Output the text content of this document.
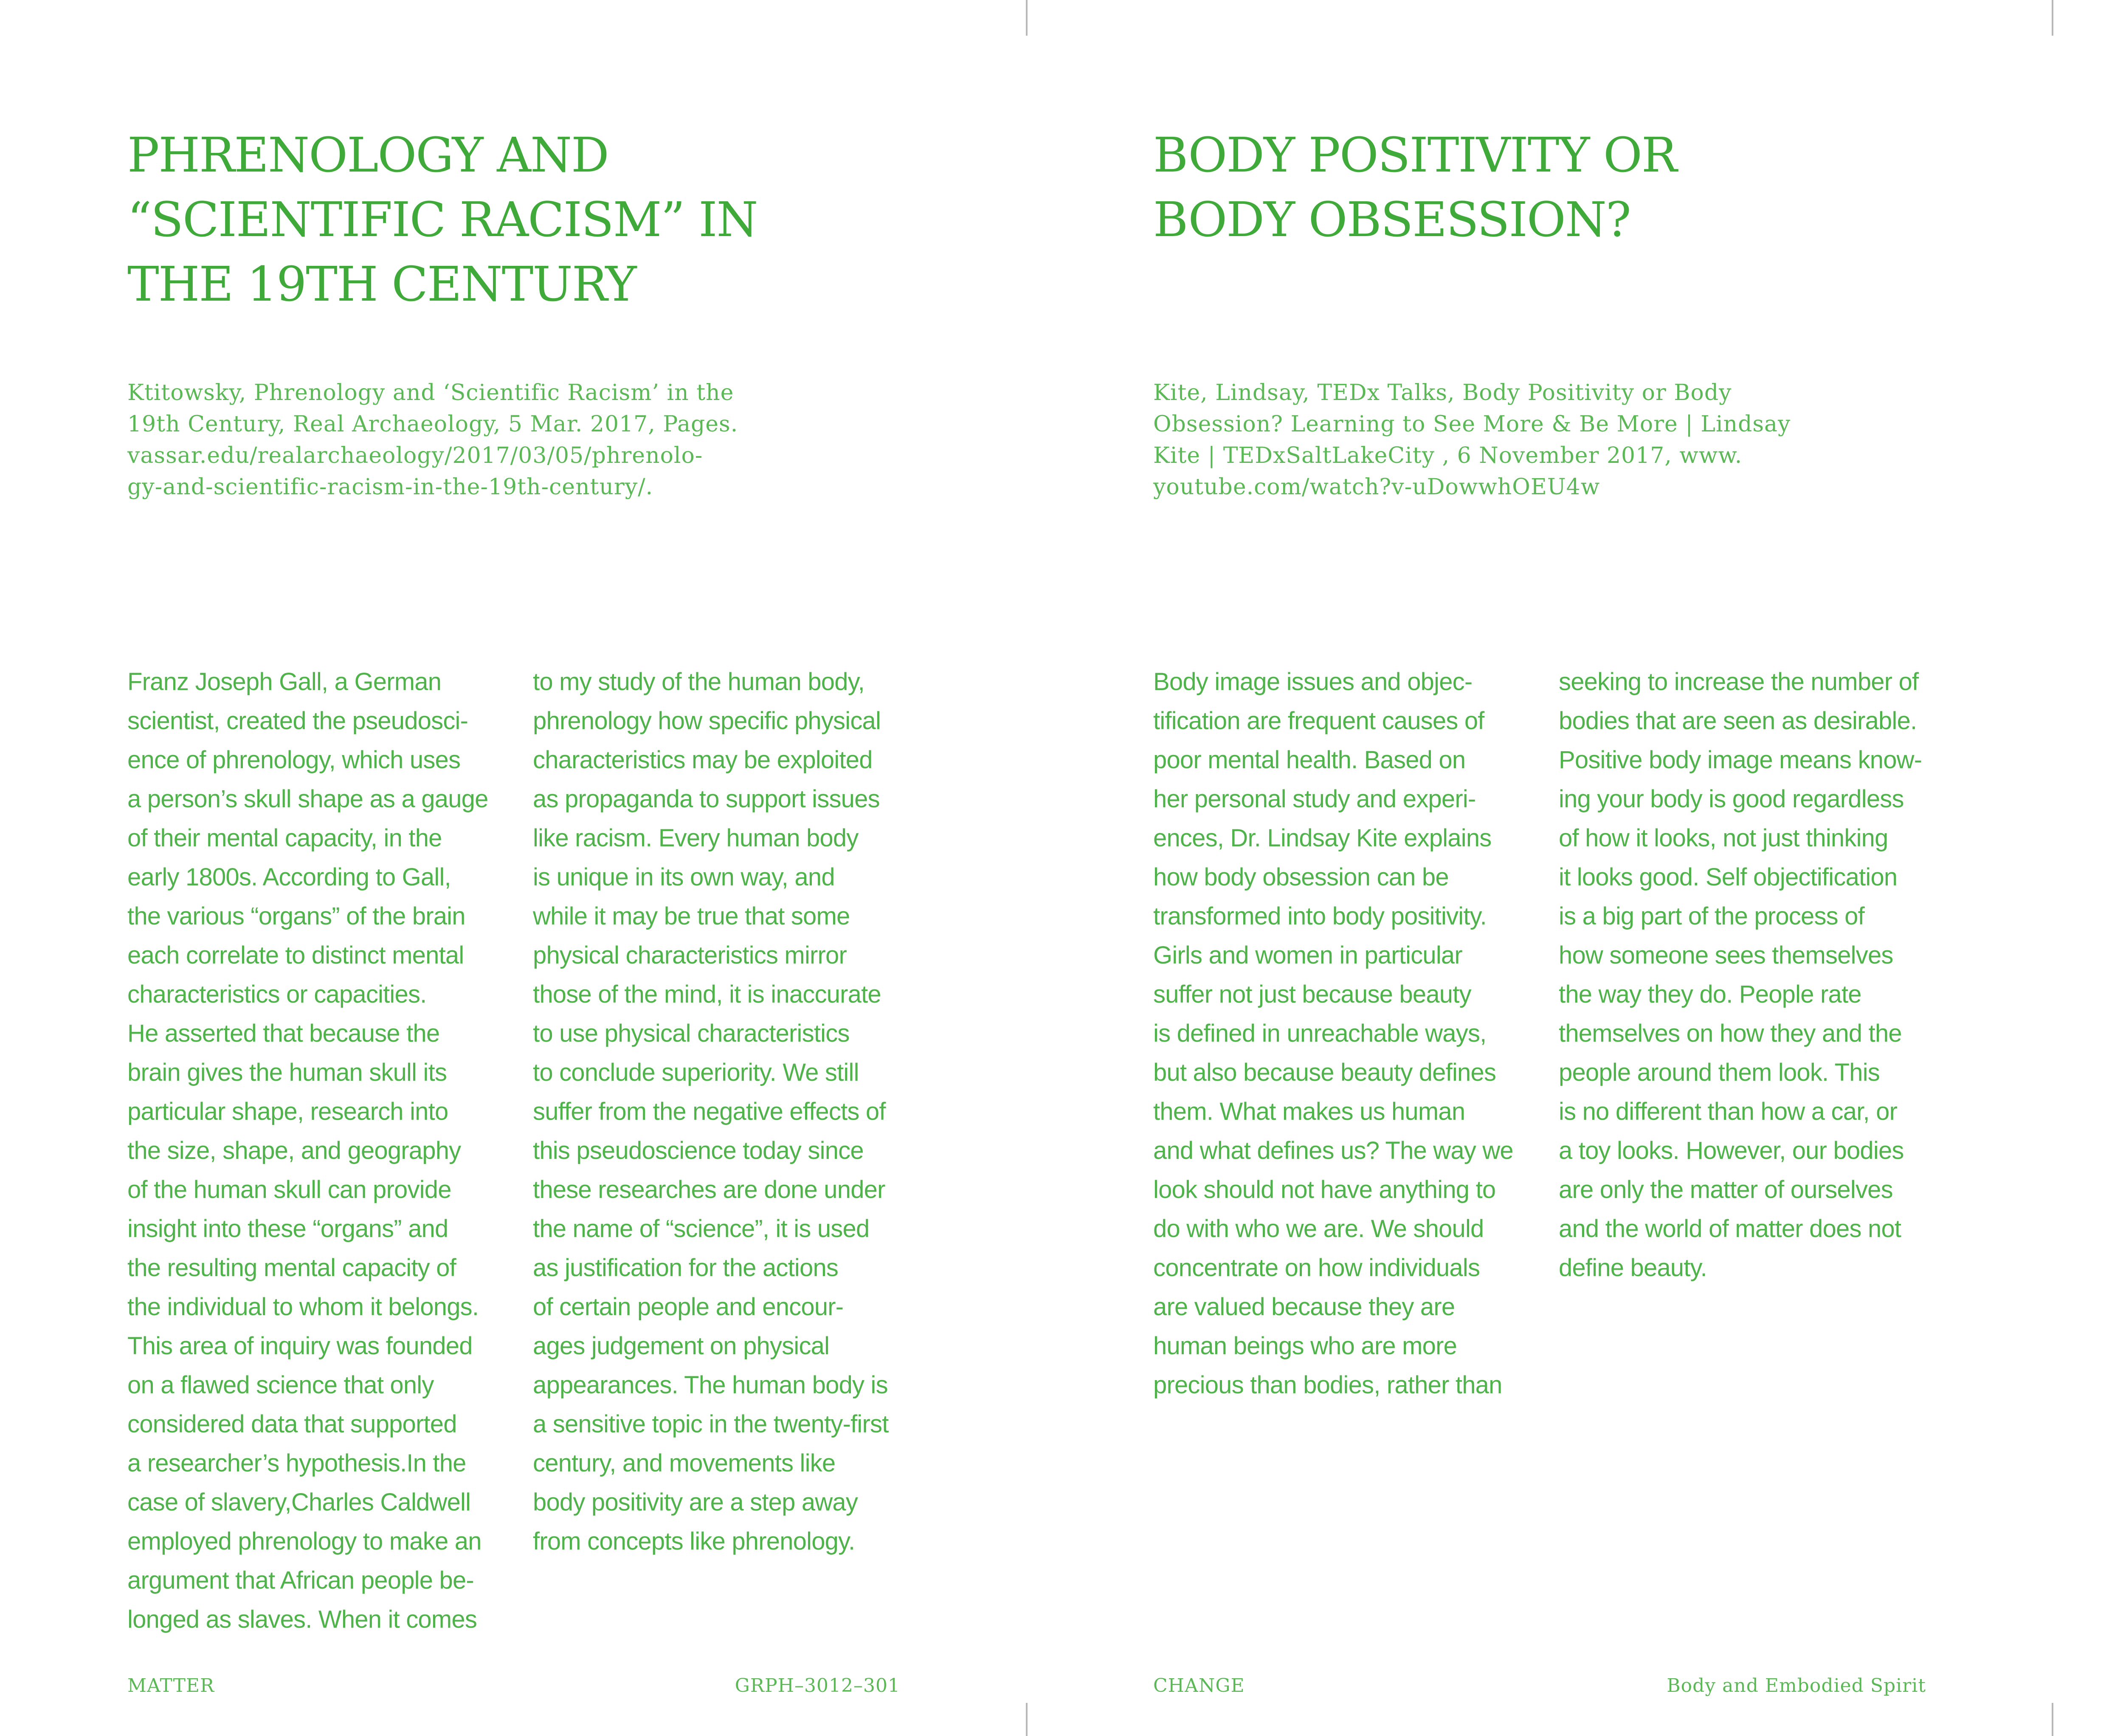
PHRENOLOGY AND
“SCIENTIFIC RACISM” IN
THE 19TH CENTURY
Ktitowsky, Phrenology and ‘Scientific Racism’ in the
19th Century, Real Archaeology, 5 Mar. 2017, Pages.
vassar.edu/realarchaeology/2017/03/05/phrenolo-
gy-and-scientific-racism-in-the-19th-century/.
Franz Joseph Gall, a German
scientist, created the pseudosci-
ence of phrenology, which uses
a person’s skull shape as a gauge
of their mental capacity, in the
early 1800s. According to Gall,
the various “organs” of the brain
each correlate to distinct mental
characteristics or capacities.
He asserted that because the
brain gives the human skull its
particular shape, research into
the size, shape, and geography
of the human skull can provide
insight into these “organs” and
the resulting mental capacity of
the individual to whom it belongs.
This area of inquiry was founded
on a flawed science that only
considered data that supported
a researcher’s hypothesis.In the
case of slavery,Charles Caldwell
employed phrenology to make an
argument that African people be-
longed as slaves. When it comes
to my study of the human body,
phrenology how specific physical
characteristics may be exploited
as propaganda to support issues
like racism. Every human body
is unique in its own way, and
while it may be true that some
physical characteristics mirror
those of the mind, it is inaccurate
to use physical characteristics
to conclude superiority. We still
suffer from the negative effects of
this pseudoscience today since
these researches are done under
the name of “science”, it is used
as justification for the actions
of certain people and encour-
ages judgement on physical
appearances. The human body is
a sensitive topic in the twenty-first
century, and movements like
body positivity are a step away
from concepts like phrenology.
MATTER	GRPH–3012–301
BODY POSITIVITY OR
BODY OBSESSION?
Kite, Lindsay, TEDx Talks, Body Positivity or Body
Obsession? Learning to See More & Be More | Lindsay
Kite | TEDxSaltLakeCity , 6 November 2017, www.
youtube.com/watch?v-uDowwhOEU4w
Body image issues and objec-
tification are frequent causes of
poor mental health. Based on
her personal study and experi-
ences, Dr. Lindsay Kite explains
how body obsession can be
transformed into body positivity.
Girls and women in particular
suffer not just because beauty
is defined in unreachable ways,
but also because beauty defines
them. What makes us human
and what defines us? The way we
look should not have anything to
do with who we are. We should
concentrate on how individuals
are valued because they are
human beings who are more
precious than bodies, rather than
seeking to increase the number of
bodies that are seen as desirable.
Positive body image means know-
ing your body is good regardless
of how it looks, not just thinking
it looks good. Self objectification
is a big part of the process of
how someone sees themselves
the way they do. People rate
themselves on how they and the
people around them look. This
is no different than how a car, or
a toy looks. However, our bodies
are only the matter of ourselves
and the world of matter does not
define beauty.
CHANGE	Body and Embodied Spirit
